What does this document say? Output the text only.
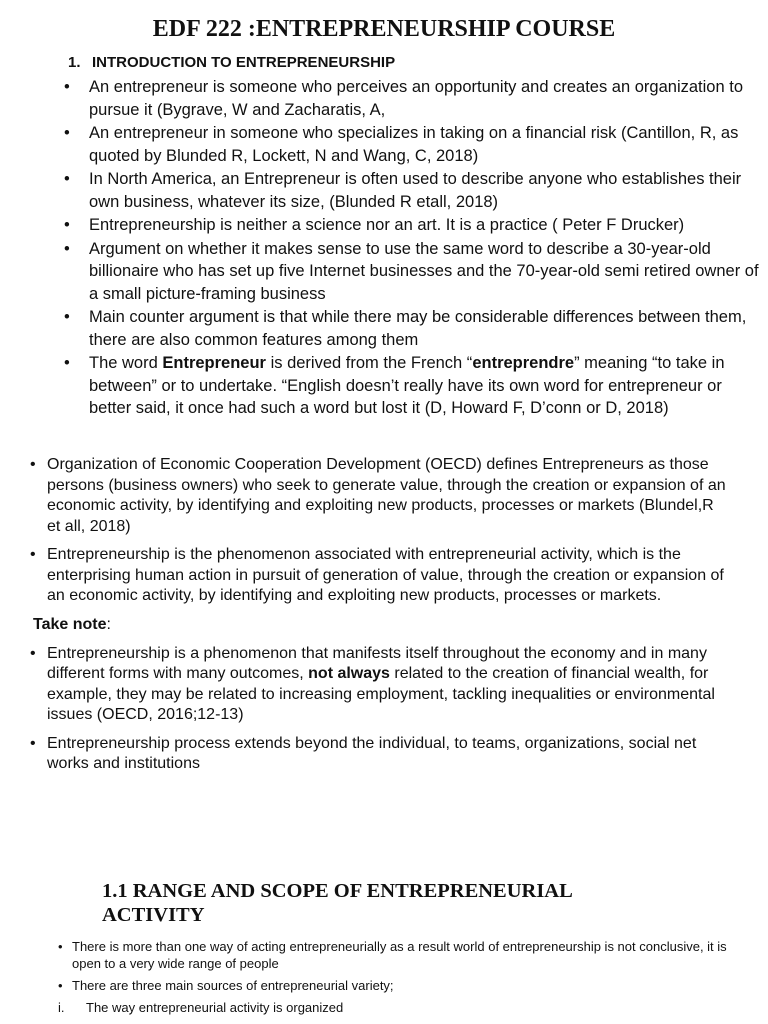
EDF 222 :ENTREPRENEURSHIP COURSE
1. INTRODUCTION TO ENTREPRENEURSHIP
• An entrepreneur is someone who perceives an opportunity and creates an organization to pursue it (Bygrave, W and Zacharatis, A,
• An entrepreneur in someone who specializes in taking on a financial risk (Cantillon, R, as quoted by Blunded R, Lockett, N and Wang, C, 2018)
• In North America, an Entrepreneur is often used to describe anyone who establishes their own business, whatever its size, (Blunded R etall, 2018)
• Entrepreneurship is neither a science nor an art. It is a practice ( Peter F Drucker)
• Argument on whether it makes sense to use the same word to describe a 30-year-old billionaire who has set up five Internet businesses and the 70-year-old semi retired owner of a small picture-framing business
• Main counter argument is that while there may be considerable differences between them, there are also common features among them
• The word Entrepreneur is derived from the French “entreprendre” meaning “to take in between” or to undertake. “English doesn’t really have its own word for entrepreneur or better said, it once had such a word but lost it (D, Howard F, D’conn or D, 2018)
• Organization of Economic Cooperation Development (OECD) defines Entrepreneurs as those persons (business owners) who seek to generate value, through the creation or expansion of an economic activity, by identifying and exploiting new products, processes or markets (Blundel,R et all, 2018)
• Entrepreneurship is the phenomenon associated with entrepreneurial activity, which is the enterprising human action in pursuit of generation of value, through the creation or expansion of an economic activity, by identifying and exploiting new products, processes or markets.
Take note:
• Entrepreneurship is a phenomenon that manifests itself throughout the economy and in many different forms with many outcomes, not always related to the creation of financial wealth, for example, they may be related to increasing employment, tackling inequalities or environmental issues (OECD, 2016;12-13)
• Entrepreneurship process extends beyond the individual, to teams, organizations, social net works and institutions
1.1 RANGE AND SCOPE OF ENTREPRENEURIAL ACTIVITY
• There is more than one way of acting entrepreneurially as a result world of entrepreneurship is not conclusive, it is open to a very wide range of people
• There are three main sources of entrepreneurial variety;
i. The way entrepreneurial activity is organized
